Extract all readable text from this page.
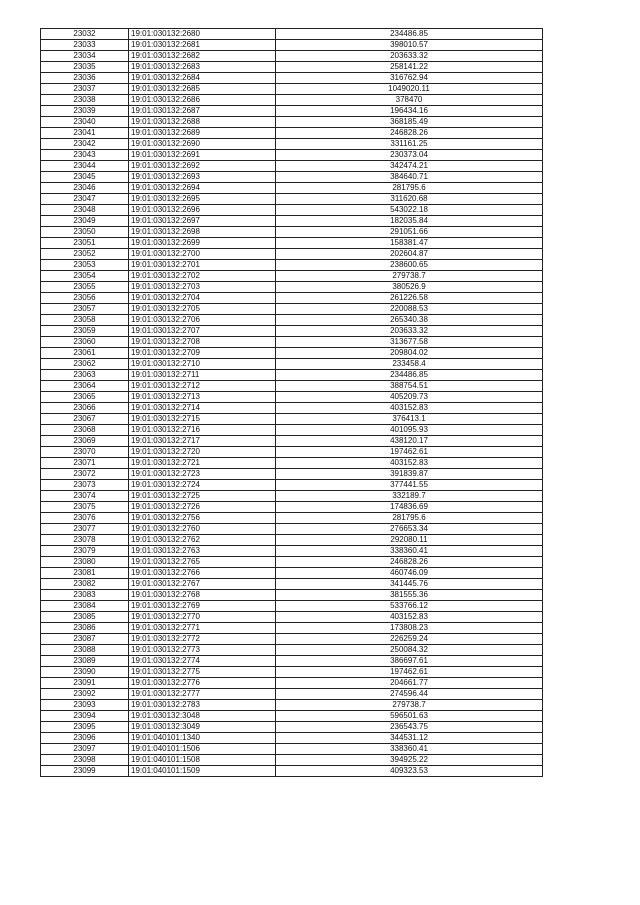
23032	19:01:030132:2680	234486.85
23033	19:01:030132:2681	398010.57
23034	19:01:030132:2682	203633.32
23035	19:01:030132:2683	258141.22
23036	19:01:030132:2684	316762.94
23037	19:01:030132:2685	1049020.11
23038	19:01:030132:2686	378470
23039	19:01:030132:2687	196434.16
23040	19:01:030132:2688	368185.49
23041	19:01:030132:2689	246828.26
23042	19:01:030132:2690	331161.25
23043	19:01:030132:2691	230373.04
23044	19:01:030132:2692	342474.21
23045	19:01:030132:2693	384640.71
23046	19:01:030132:2694	281795.6
23047	19:01:030132:2695	311620.68
23048	19:01:030132:2696	543022.18
23049	19:01:030132:2697	182035.84
23050	19:01:030132:2698	291051.66
23051	19:01:030132:2699	158381.47
23052	19:01:030132:2700	202604.87
23053	19:01:030132:2701	238600.65
23054	19:01:030132:2702	279738.7
23055	19:01:030132:2703	380526.9
23056	19:01:030132:2704	261226.58
23057	19:01:030132:2705	220088.53
23058	19:01:030132:2706	265340.38
23059	19:01:030132:2707	203633.32
23060	19:01:030132:2708	313677.58
23061	19:01:030132:2709	209804.02
23062	19:01:030132:2710	233458.4
23063	19:01:030132:2711	234486.85
23064	19:01:030132:2712	388754.51
23065	19:01:030132:2713	405209.73
23066	19:01:030132:2714	403152.83
23067	19:01:030132:2715	376413.1
23068	19:01:030132:2716	401095.93
23069	19:01:030132:2717	438120.17
23070	19:01:030132:2720	197462.61
23071	19:01:030132:2721	403152.83
23072	19:01:030132:2723	391839.87
23073	19:01:030132:2724	377441.55
23074	19:01:030132:2725	332189.7
23075	19:01:030132:2726	174836.69
23076	19:01:030132:2756	281795.6
23077	19:01:030132:2760	276653.34
23078	19:01:030132:2762	292080.11
23079	19:01:030132:2763	338360.41
23080	19:01:030132:2765	246828.26
23081	19:01:030132:2766	460746.09
23082	19:01:030132:2767	341445.76
23083	19:01:030132:2768	381555.36
23084	19:01:030132:2769	533766.12
23085	19:01:030132:2770	403152.83
23086	19:01:030132:2771	173808.23
23087	19:01:030132:2772	226259.24
23088	19:01:030132:2773	250084.32
23089	19:01:030132:2774	386697.61
23090	19:01:030132:2775	197462.61
23091	19:01:030132:2776	204661.77
23092	19:01:030132:2777	274596.44
23093	19:01:030132:2783	279738.7
23094	19:01:030132:3048	596501.63
23095	19:01:030132:3049	236543.75
23096	19:01:040101:1340	344531.12
23097	19:01:040101:1506	338360.41
23098	19:01:040101:1508	394925.22
23099	19:01:040101:1509	409323.53
